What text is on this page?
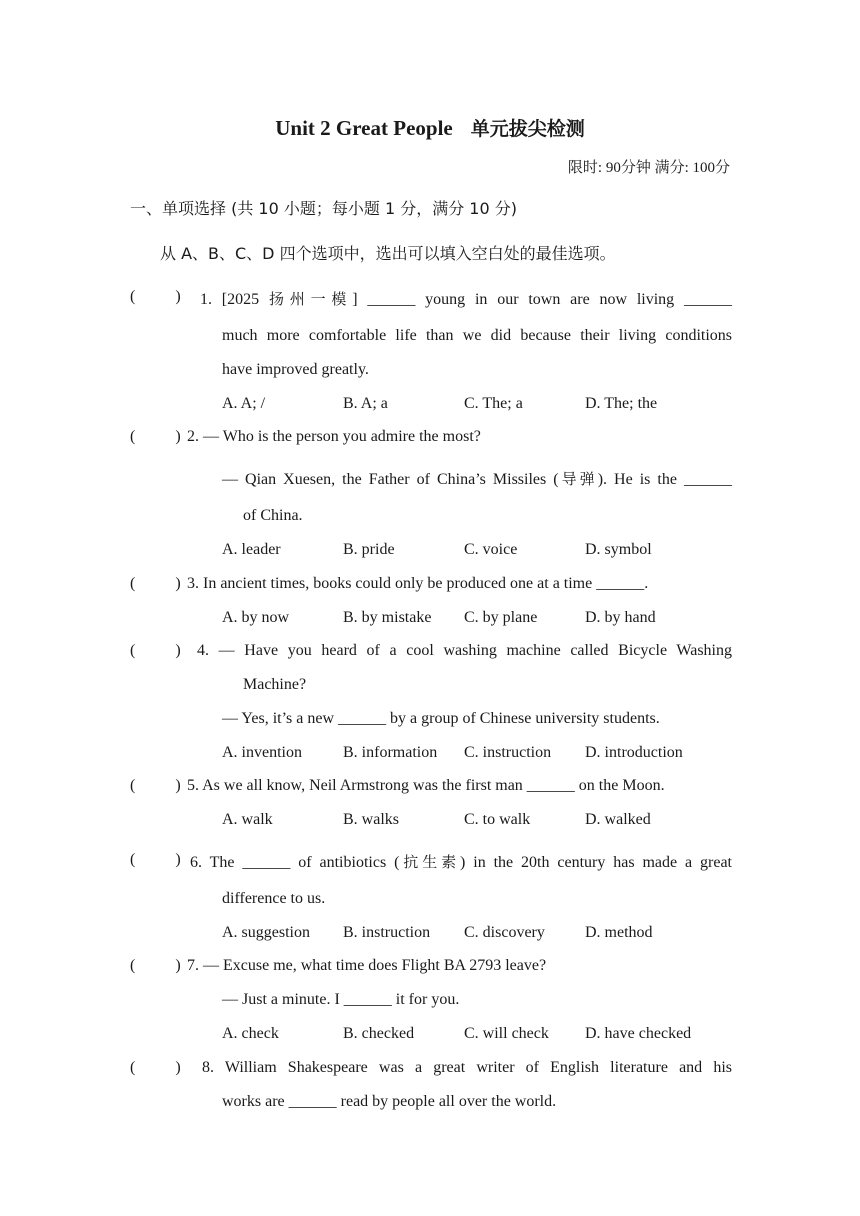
Unit 2 Great People 单元拔尖检测
限时: 90分钟 满分: 100分
一、单项选择 (共 10 小题；每小题 1 分，满分 10 分)
从 A、B、C、D 四个选项中，选出可以填入空白处的最佳选项。
(          ) 1. [2025 扬州一模] ______ young in our town are now living ______
much more comfortable life than we did because their living conditions
have improved greatly.
A. A; /	B. A; a	C. The; a	D. The; the
(          ) 2. — Who is the person you admire the most?
— Qian Xuesen, the Father of China’s Missiles (导弹). He is the ______
of China.
A. leader	B. pride	C. voice	D. symbol
(          ) 3. In ancient times, books could only be produced one at a time ______.
A. by now	B. by mistake C. by plane	D. by hand
(          ) 4. — Have you heard of a cool washing machine called Bicycle Washing
Machine?
— Yes, it’s a new ______ by a group of Chinese university students.
A. invention	B. information C. instruction D. introduction
(          ) 5. As we all know, Neil Armstrong was the first man ______ on the Moon.
A. walk	B. walks	C. to walk	D. walked
(          ) 6. The ______ of antibiotics (抗生素) in the 20th century has made a great
difference to us.
A. suggestion B. instruction C. discovery	D. method
(          ) 7. — Excuse me, what time does Flight BA 2793 leave?
— Just a minute. I ______ it for you.
A. check	B. checked	C. will check D. have checked
(          ) 8. William Shakespeare was a great writer of English literature and his
works are ______ read by people all over the world.
